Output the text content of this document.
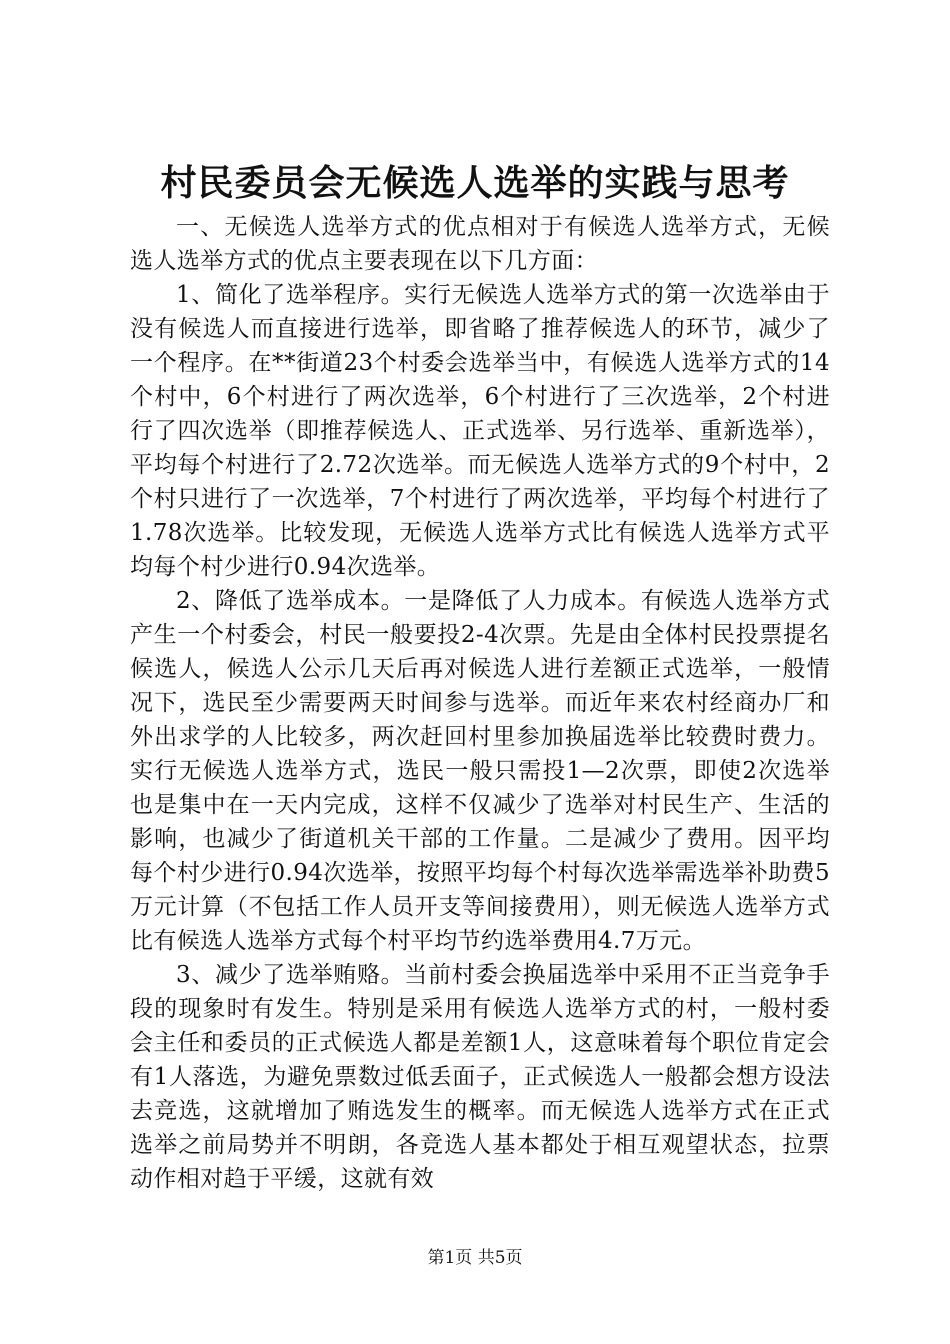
村民委员会无候选人选举的实践与思考

一、无候选人选举方式的优点相对于有候选人选举方式，无候选人选举方式的优点主要表现在以下几方面：

1、简化了选举程序。实行无候选人选举方式的第一次选举由于没有候选人而直接进行选举，即省略了推荐候选人的环节，减少了一个程序。在**街道23个村委会选举当中，有候选人选举方式的14个村中，6个村进行了两次选举，6个村进行了三次选举，2个村进行了四次选举（即推荐候选人、正式选举、另行选举、重新选举），平均每个村进行了2.72次选举。而无候选人选举方式的9个村中，2个村只进行了一次选举，7个村进行了两次选举，平均每个村进行了1.78次选举。比较发现，无候选人选举方式比有候选人选举方式平均每个村少进行0.94次选举。

2、降低了选举成本。一是降低了人力成本。有候选人选举方式产生一个村委会，村民一般要投2-4次票。先是由全体村民投票提名候选人，候选人公示几天后再对候选人进行差额正式选举，一般情况下，选民至少需要两天时间参与选举。而近年来农村经商办厂和外出求学的人比较多，两次赶回村里参加换届选举比较费时费力。实行无候选人选举方式，选民一般只需投1—2次票，即使2次选举也是集中在一天内完成，这样不仅减少了选举对村民生产、生活的影响，也减少了街道机关干部的工作量。二是减少了费用。因平均每个村少进行0.94次选举，按照平均每个村每次选举需选举补助费5万元计算（不包括工作人员开支等间接费用），则无候选人选举方式比有候选人选举方式每个村平均节约选举费用4.7万元。

3、减少了选举贿赂。当前村委会换届选举中采用不正当竞争手段的现象时有发生。特别是采用有候选人选举方式的村，一般村委会主任和委员的正式候选人都是差额1人，这意味着每个职位肯定会有1人落选，为避免票数过低丢面子，正式候选人一般都会想方设法去竞选，这就增加了贿选发生的概率。而无候选人选举方式在正式选举之前局势并不明朗，各竞选人基本都处于相互观望状态，拉票动作相对趋于平缓，这就有效

第1页 共5页
